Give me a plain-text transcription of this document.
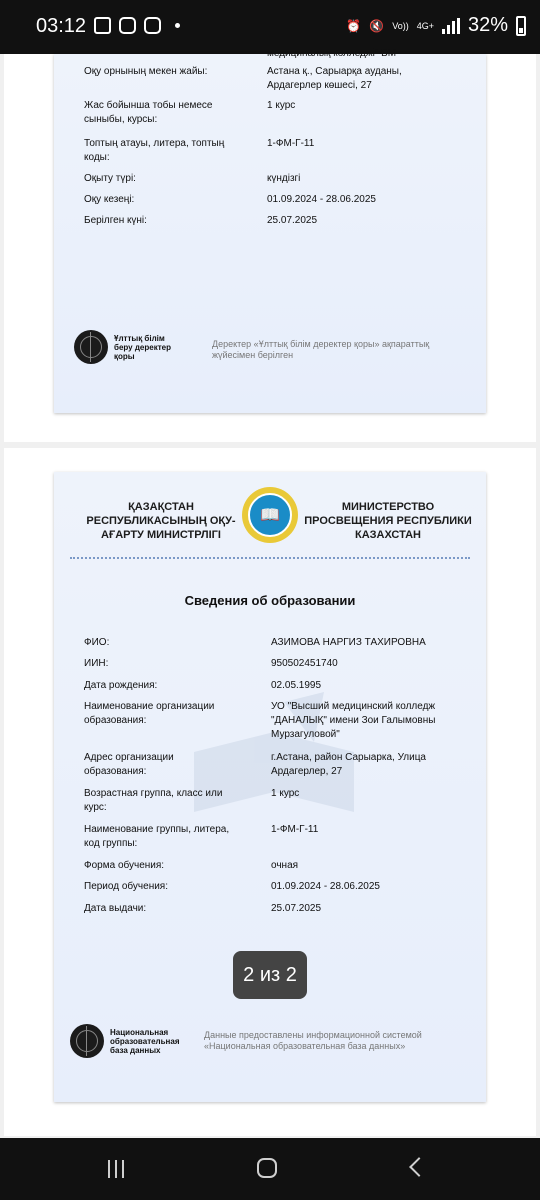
03:12	⏰ 🔇 Vo)) 4G+ 32%
медициналық колледжі" БМ
Оқу орнының мекен жайы:	Астана қ., Сарыарқа ауданы, Ардагерлер көшесі, 27
Жас бойынша тобы немесе сыныбы, курсы:
1 курс
Топтың атауы, литера, топтың коды:
1-ФМ-Г-11
Оқыту түрі:	күндізгі
Оқу кезеңі:	01.09.2024 - 28.06.2025
Берілген күні:	25.07.2025
Ұлттық білім беру деректер қоры
Деректер «Ұлттық білім деректер қоры» ақпараттық жүйесімен берілген
ҚАЗАҚСТАН РЕСПУБЛИКАСЫНЫҢ ОҚУ-АҒАРТУ МИНИСТРЛІГІ
📖	МИНИСТЕРСТВО ПРОСВЕЩЕНИЯ РЕСПУБЛИКИ КАЗАХСТАН
Сведения об образовании
ФИО:	АЗИМОВА НАРГИЗ ТАХИРОВНА
ИИН:	950502451740
Дата рождения:	02.05.1995
Наименование организации образования:
УО "Высший медицинский колледж "ДАНАЛЫҚ" имени Зои Галымовны Мурзагуловой"
Адрес организации образования:
г.Астана, район Сарыарка, Улица Ардагерлер, 27
Возрастная группа, класс или курс:
1 курс
Наименование группы, литера, код группы:
1-ФМ-Г-11
Форма обучения:	очная
Период обучения:	01.09.2024 - 28.06.2025
Дата выдачи:	25.07.2025
Национальная образовательная база данных
Данные предоставлены информационной системой «Национальная образовательная база данных»
2 из 2
